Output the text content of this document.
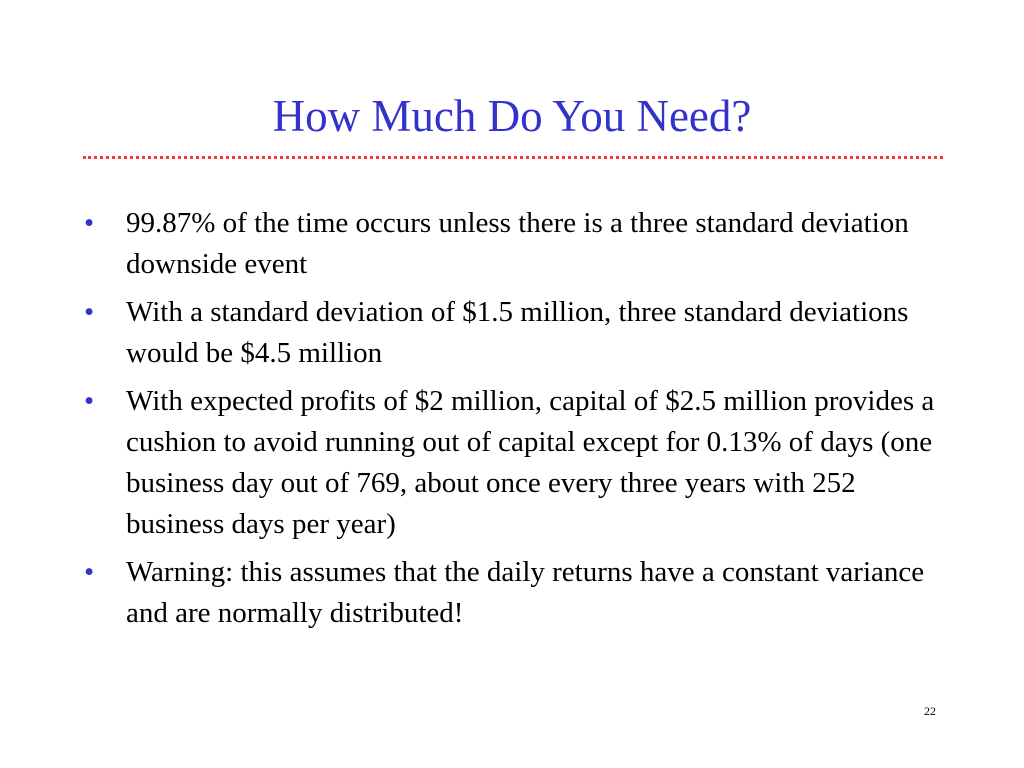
How Much Do You Need?
• 99.87% of the time occurs unless there is a three standard deviation downside event
• With a standard deviation of $1.5 million, three standard deviations would be $4.5 million
• With expected profits of $2 million, capital of $2.5 million provides a cushion to avoid running out of capital except for 0.13% of days (one business day out of 769, about once every three years with 252 business days per year)
• Warning: this assumes that the daily returns have a constant variance and are normally distributed!
22
